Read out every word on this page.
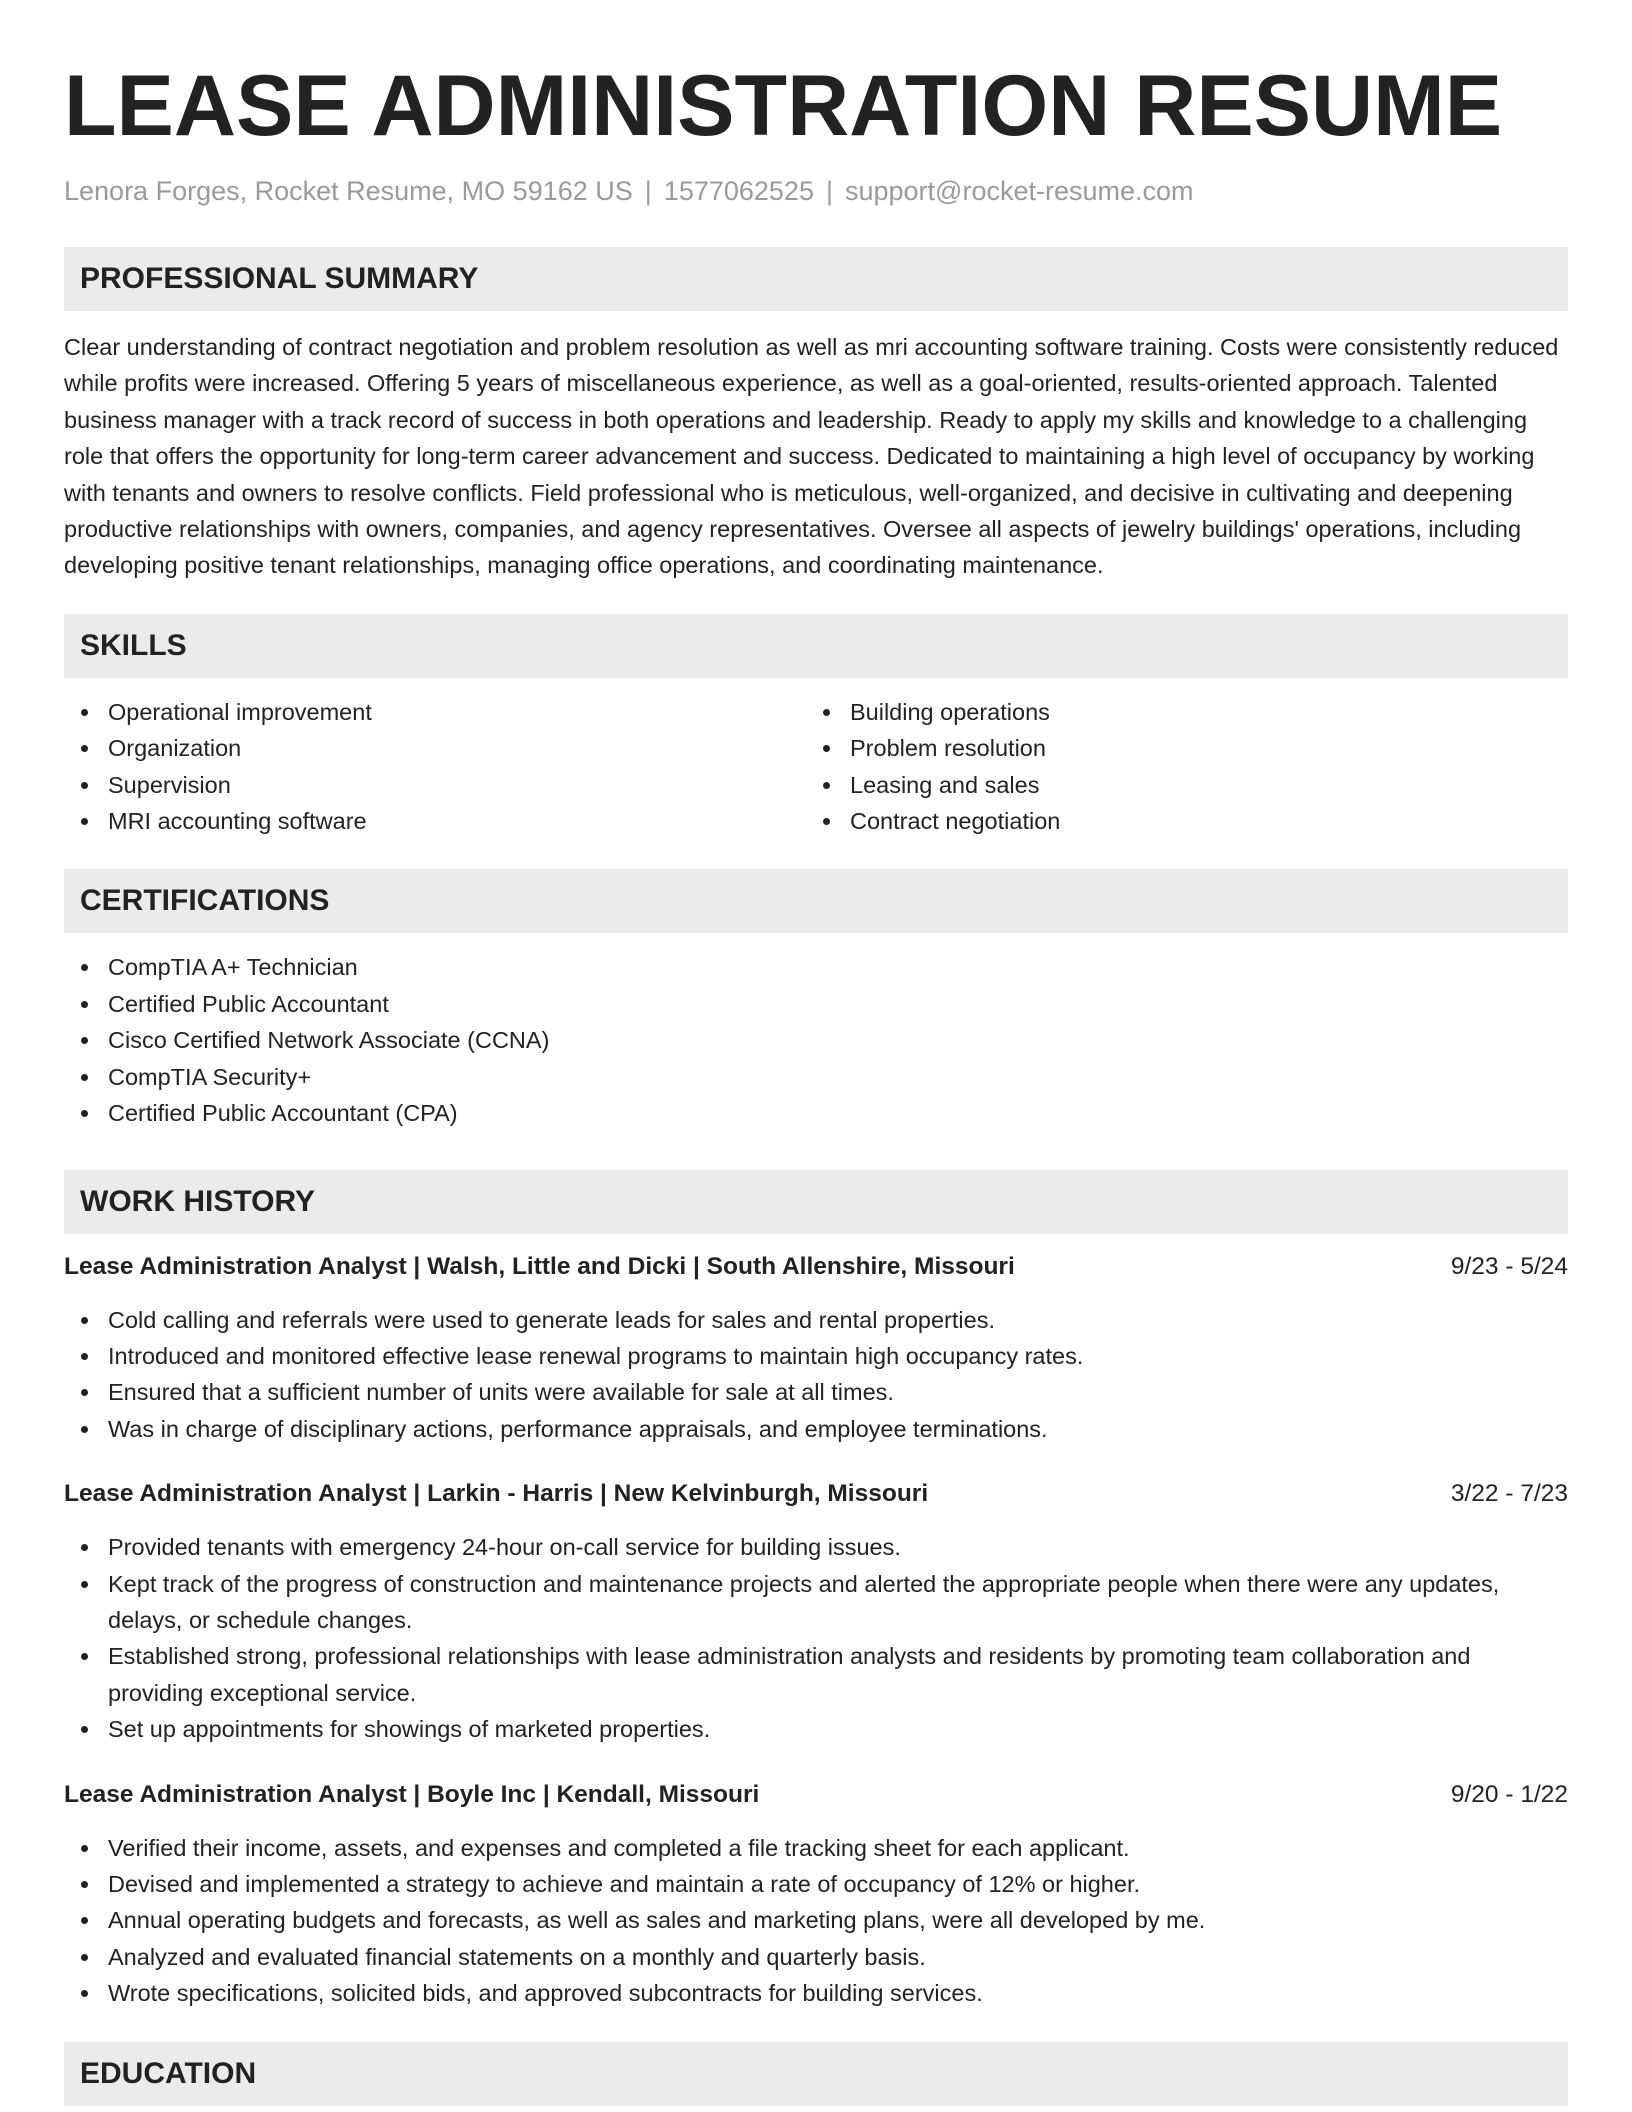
LEASE ADMINISTRATION RESUME
Lenora Forges, Rocket Resume, MO 59162 US | 1577062525 | support@rocket-resume.com
PROFESSIONAL SUMMARY

Clear understanding of contract negotiation and problem resolution as well as mri accounting software training. Costs were consistently reduced while profits were increased. Offering 5 years of miscellaneous experience, as well as a goal-oriented, results-oriented approach. Talented business manager with a track record of success in both operations and leadership. Ready to apply my skills and knowledge to a challenging role that offers the opportunity for long-term career advancement and success. Dedicated to maintaining a high level of occupancy by working with tenants and owners to resolve conflicts. Field professional who is meticulous, well-organized, and decisive in cultivating and deepening productive relationships with owners, companies, and agency representatives. Oversee all aspects of jewelry buildings' operations, including developing positive tenant relationships, managing office operations, and coordinating maintenance.

SKILLS
Operational improvement
Organization
Supervision
MRI accounting software
Building operations
Problem resolution
Leasing and sales
Contract negotiation
CERTIFICATIONS
CompTIA A+ Technician
Certified Public Accountant
Cisco Certified Network Associate (CCNA)
CompTIA Security+
Certified Public Accountant (CPA)
WORK HISTORY
Lease Administration Analyst | Walsh, Little and Dicki | South Allenshire, Missouri	9/23 - 5/24
Cold calling and referrals were used to generate leads for sales and rental properties.
Introduced and monitored effective lease renewal programs to maintain high occupancy rates.
Ensured that a sufficient number of units were available for sale at all times.
Was in charge of disciplinary actions, performance appraisals, and employee terminations.
Lease Administration Analyst | Larkin - Harris | New Kelvinburgh, Missouri	3/22 - 7/23
Provided tenants with emergency 24-hour on-call service for building issues.
Kept track of the progress of construction and maintenance projects and alerted the appropriate people when there were any updates, delays, or schedule changes.
Established strong, professional relationships with lease administration analysts and residents by promoting team collaboration and providing exceptional service.
Set up appointments for showings of marketed properties.
Lease Administration Analyst | Boyle Inc | Kendall, Missouri	9/20 - 1/22
Verified their income, assets, and expenses and completed a file tracking sheet for each applicant.
Devised and implemented a strategy to achieve and maintain a rate of occupancy of 12% or higher.
Annual operating budgets and forecasts, as well as sales and marketing plans, were all developed by me.
Analyzed and evaluated financial statements on a monthly and quarterly basis.
Wrote specifications, solicited bids, and approved subcontracts for building services.
EDUCATION
